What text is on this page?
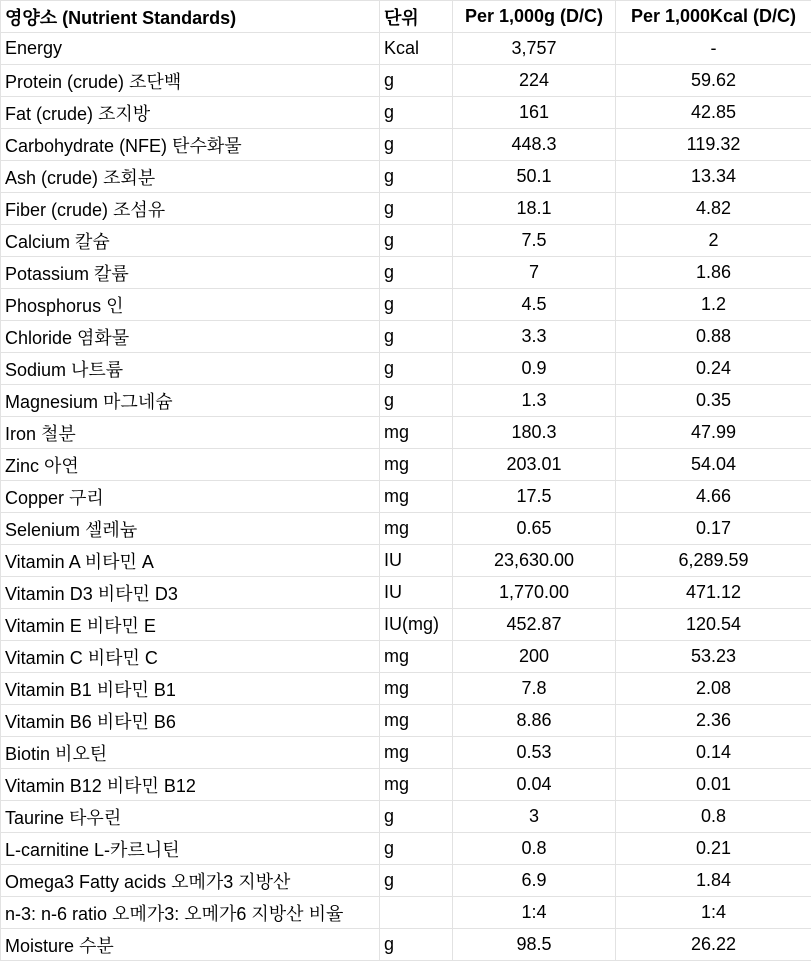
영양소 (Nutrient Standards)	단위	Per 1,000g (D/C)	Per 1,000Kcal (D/C)
Energy	Kcal	3,757	-
Protein (crude) 조단백	g	224	59.62
Fat (crude) 조지방	g	161	42.85
Carbohydrate (NFE) 탄수화물	g	448.3	119.32
Ash (crude) 조회분	g	50.1	13.34
Fiber (crude) 조섬유	g	18.1	4.82
Calcium 칼슘	g	7.5	2
Potassium 칼륨	g	7	1.86
Phosphorus 인	g	4.5	1.2
Chloride 염화물	g	3.3	0.88
Sodium 나트륨	g	0.9	0.24
Magnesium 마그네슘	g	1.3	0.35
Iron 철분	mg	180.3	47.99
Zinc 아연	mg	203.01	54.04
Copper 구리	mg	17.5	4.66
Selenium 셀레늄	mg	0.65	0.17
Vitamin A 비타민 A	IU	23,630.00	6,289.59
Vitamin D3 비타민 D3	IU	1,770.00	471.12
Vitamin E 비타민 E	IU(mg)	452.87	120.54
Vitamin C 비타민 C	mg	200	53.23
Vitamin B1 비타민 B1	mg	7.8	2.08
Vitamin B6 비타민 B6	mg	8.86	2.36
Biotin 비오틴	mg	0.53	0.14
Vitamin B12 비타민 B12	mg	0.04	0.01
Taurine 타우린	g	3	0.8
L-carnitine L-카르니틴	g	0.8	0.21
Omega3 Fatty acids 오메가3 지방산	g	6.9	1.84
n-3: n-6 ratio 오메가3: 오메가6 지방산 비율		1:4	1:4
Moisture 수분	g	98.5	26.22
